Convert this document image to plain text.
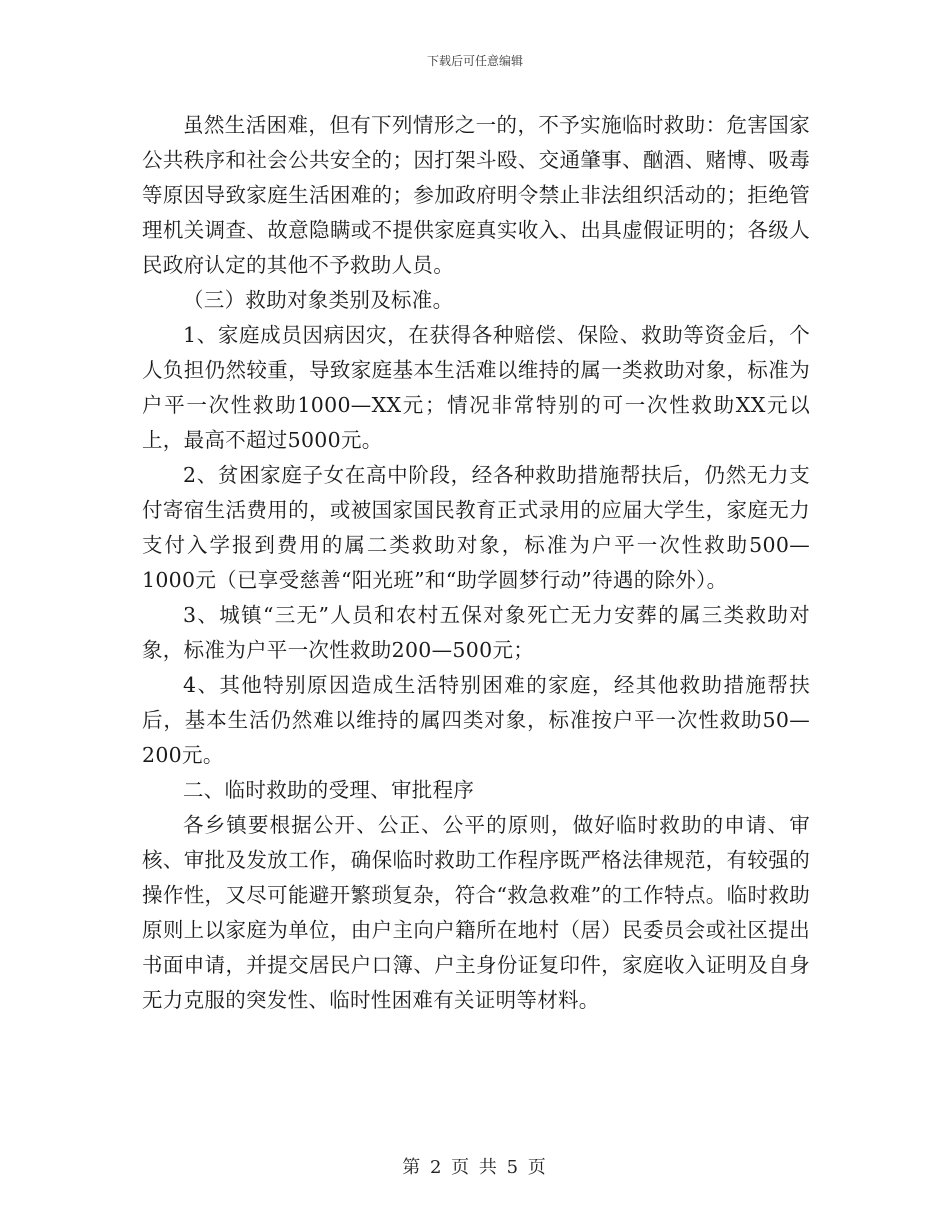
下载后可任意编辑

虽然生活困难，但有下列情形之一的，不予实施临时救助：危害国家公共秩序和社会公共安全的；因打架斗殴、交通肇事、酗酒、赌博、吸毒等原因导致家庭生活困难的；参加政府明令禁止非法组织活动的；拒绝管理机关调查、故意隐瞒或不提供家庭真实收入、出具虚假证明的；各级人民政府认定的其他不予救助人员。

（三）救助对象类别及标准。

1、家庭成员因病因灾，在获得各种赔偿、保险、救助等资金后，个人负担仍然较重，导致家庭基本生活难以维持的属一类救助对象，标准为户平一次性救助1000—XX元；情况非常特别的可一次性救助XX元以上，最高不超过5000元。

2、贫困家庭子女在高中阶段，经各种救助措施帮扶后，仍然无力支付寄宿生活费用的，或被国家国民教育正式录用的应届大学生，家庭无力支付入学报到费用的属二类救助对象，标准为户平一次性救助500—1000元（已享受慈善“阳光班”和“助学圆梦行动”待遇的除外）。

3、城镇“三无”人员和农村五保对象死亡无力安葬的属三类救助对象，标准为户平一次性救助200—500元；

4、其他特别原因造成生活特别困难的家庭，经其他救助措施帮扶后，基本生活仍然难以维持的属四类对象，标准按户平一次性救助50—200元。

二、临时救助的受理、审批程序

各乡镇要根据公开、公正、公平的原则，做好临时救助的申请、审核、审批及发放工作，确保临时救助工作程序既严格法律规范，有较强的操作性，又尽可能避开繁琐复杂，符合“救急救难”的工作特点。临时救助原则上以家庭为单位，由户主向户籍所在地村（居）民委员会或社区提出书面申请，并提交居民户口簿、户主身份证复印件，家庭收入证明及自身无力克服的突发性、临时性困难有关证明等材料。

第 2 页 共 5 页
